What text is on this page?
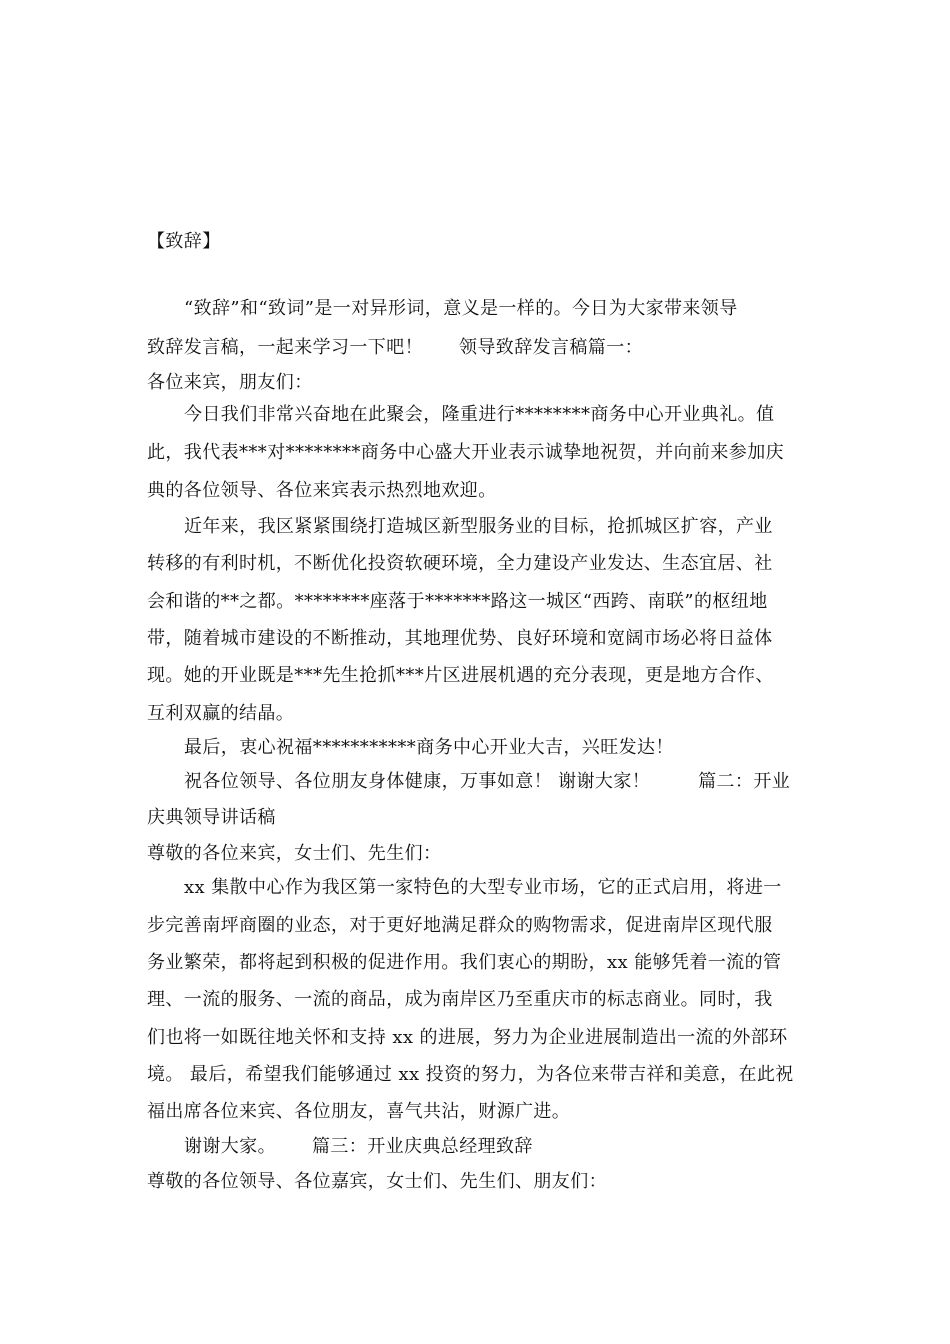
【致辞】
“致辞”和“致词”是一对异形词，意义是一样的。今日为大家带来领导
致辞发言稿，一起来学习一下吧！ 领导致辞发言稿篇一：
各位来宾，朋友们：
今日我们非常兴奋地在此聚会，隆重进行********商务中心开业典礼。值
此，我代表***对********商务中心盛大开业表示诚挚地祝贺，并向前来参加庆
典的各位领导、各位来宾表示热烈地欢迎。
近年来，我区紧紧围绕打造城区新型服务业的目标，抢抓城区扩容，产业
转移的有利时机，不断优化投资软硬环境，全力建设产业发达、生态宜居、社
会和谐的**之都。********座落于*******路这一城区“西跨、南联”的枢纽地
带，随着城市建设的不断推动，其地理优势、良好环境和宽阔市场必将日益体
现。她的开业既是***先生抢抓***片区进展机遇的充分表现，更是地方合作、
互利双赢的结晶。
最后，衷心祝福***********商务中心开业大吉，兴旺发达！
祝各位领导、各位朋友身体健康，万事如意！ 谢谢大家！	篇二：开业
庆典领导讲话稿
尊敬的各位来宾，女士们、先生们：
xx 集散中心作为我区第一家特色的大型专业市场，它的正式启用，将进一
步完善南坪商圈的业态，对于更好地满足群众的购物需求，促进南岸区现代服
务业繁荣，都将起到积极的促进作用。我们衷心的期盼，xx 能够凭着一流的管
理、一流的服务、一流的商品，成为南岸区乃至重庆市的标志商业。同时，我
们也将一如既往地关怀和支持 xx 的进展，努力为企业进展制造出一流的外部环
境。 最后，希望我们能够通过 xx 投资的努力，为各位来带吉祥和美意，在此祝
福出席各位来宾、各位朋友，喜气共沾，财源广进。
谢谢大家。 篇三：开业庆典总经理致辞
尊敬的各位领导、各位嘉宾，女士们、先生们、朋友们：
